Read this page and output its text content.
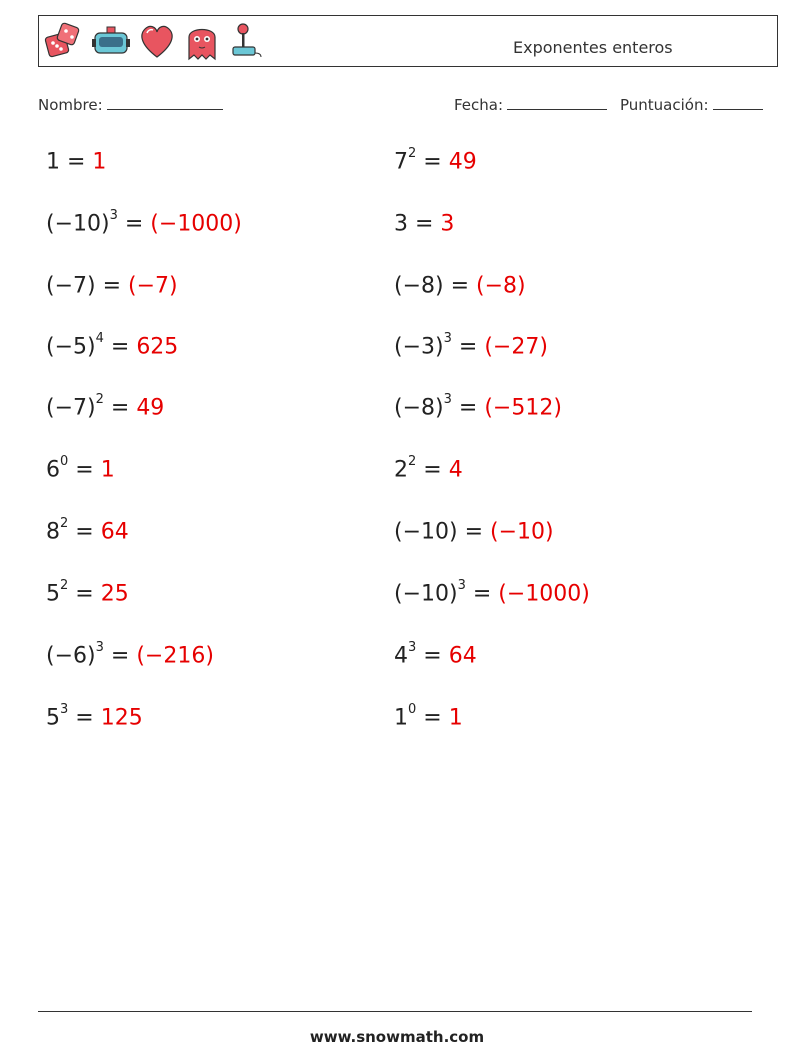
Exponentes enteros
Nombre:	Fecha:	Puntuación:
1 = 1	$7^2 = 49$
$(-10)^3 = (-1000)$	3 = 3
(−7) = (−7)	(−8) = (−8)
$(-5)^4 = 625$	$(-3)^3 = (-27)$
$(-7)^2 = 49$	$(-8)^3 = (-512)$
$6^0 = 1$	$2^2 = 4$
$8^2 = 64$	(−10) = (−10)
$5^2 = 25$	$(-10)^3 = (-1000)$
$(-6)^3 = (-216)$	$4^3 = 64$
$5^3 = 125$	$1^0 = 1$
www.snowmath.com
